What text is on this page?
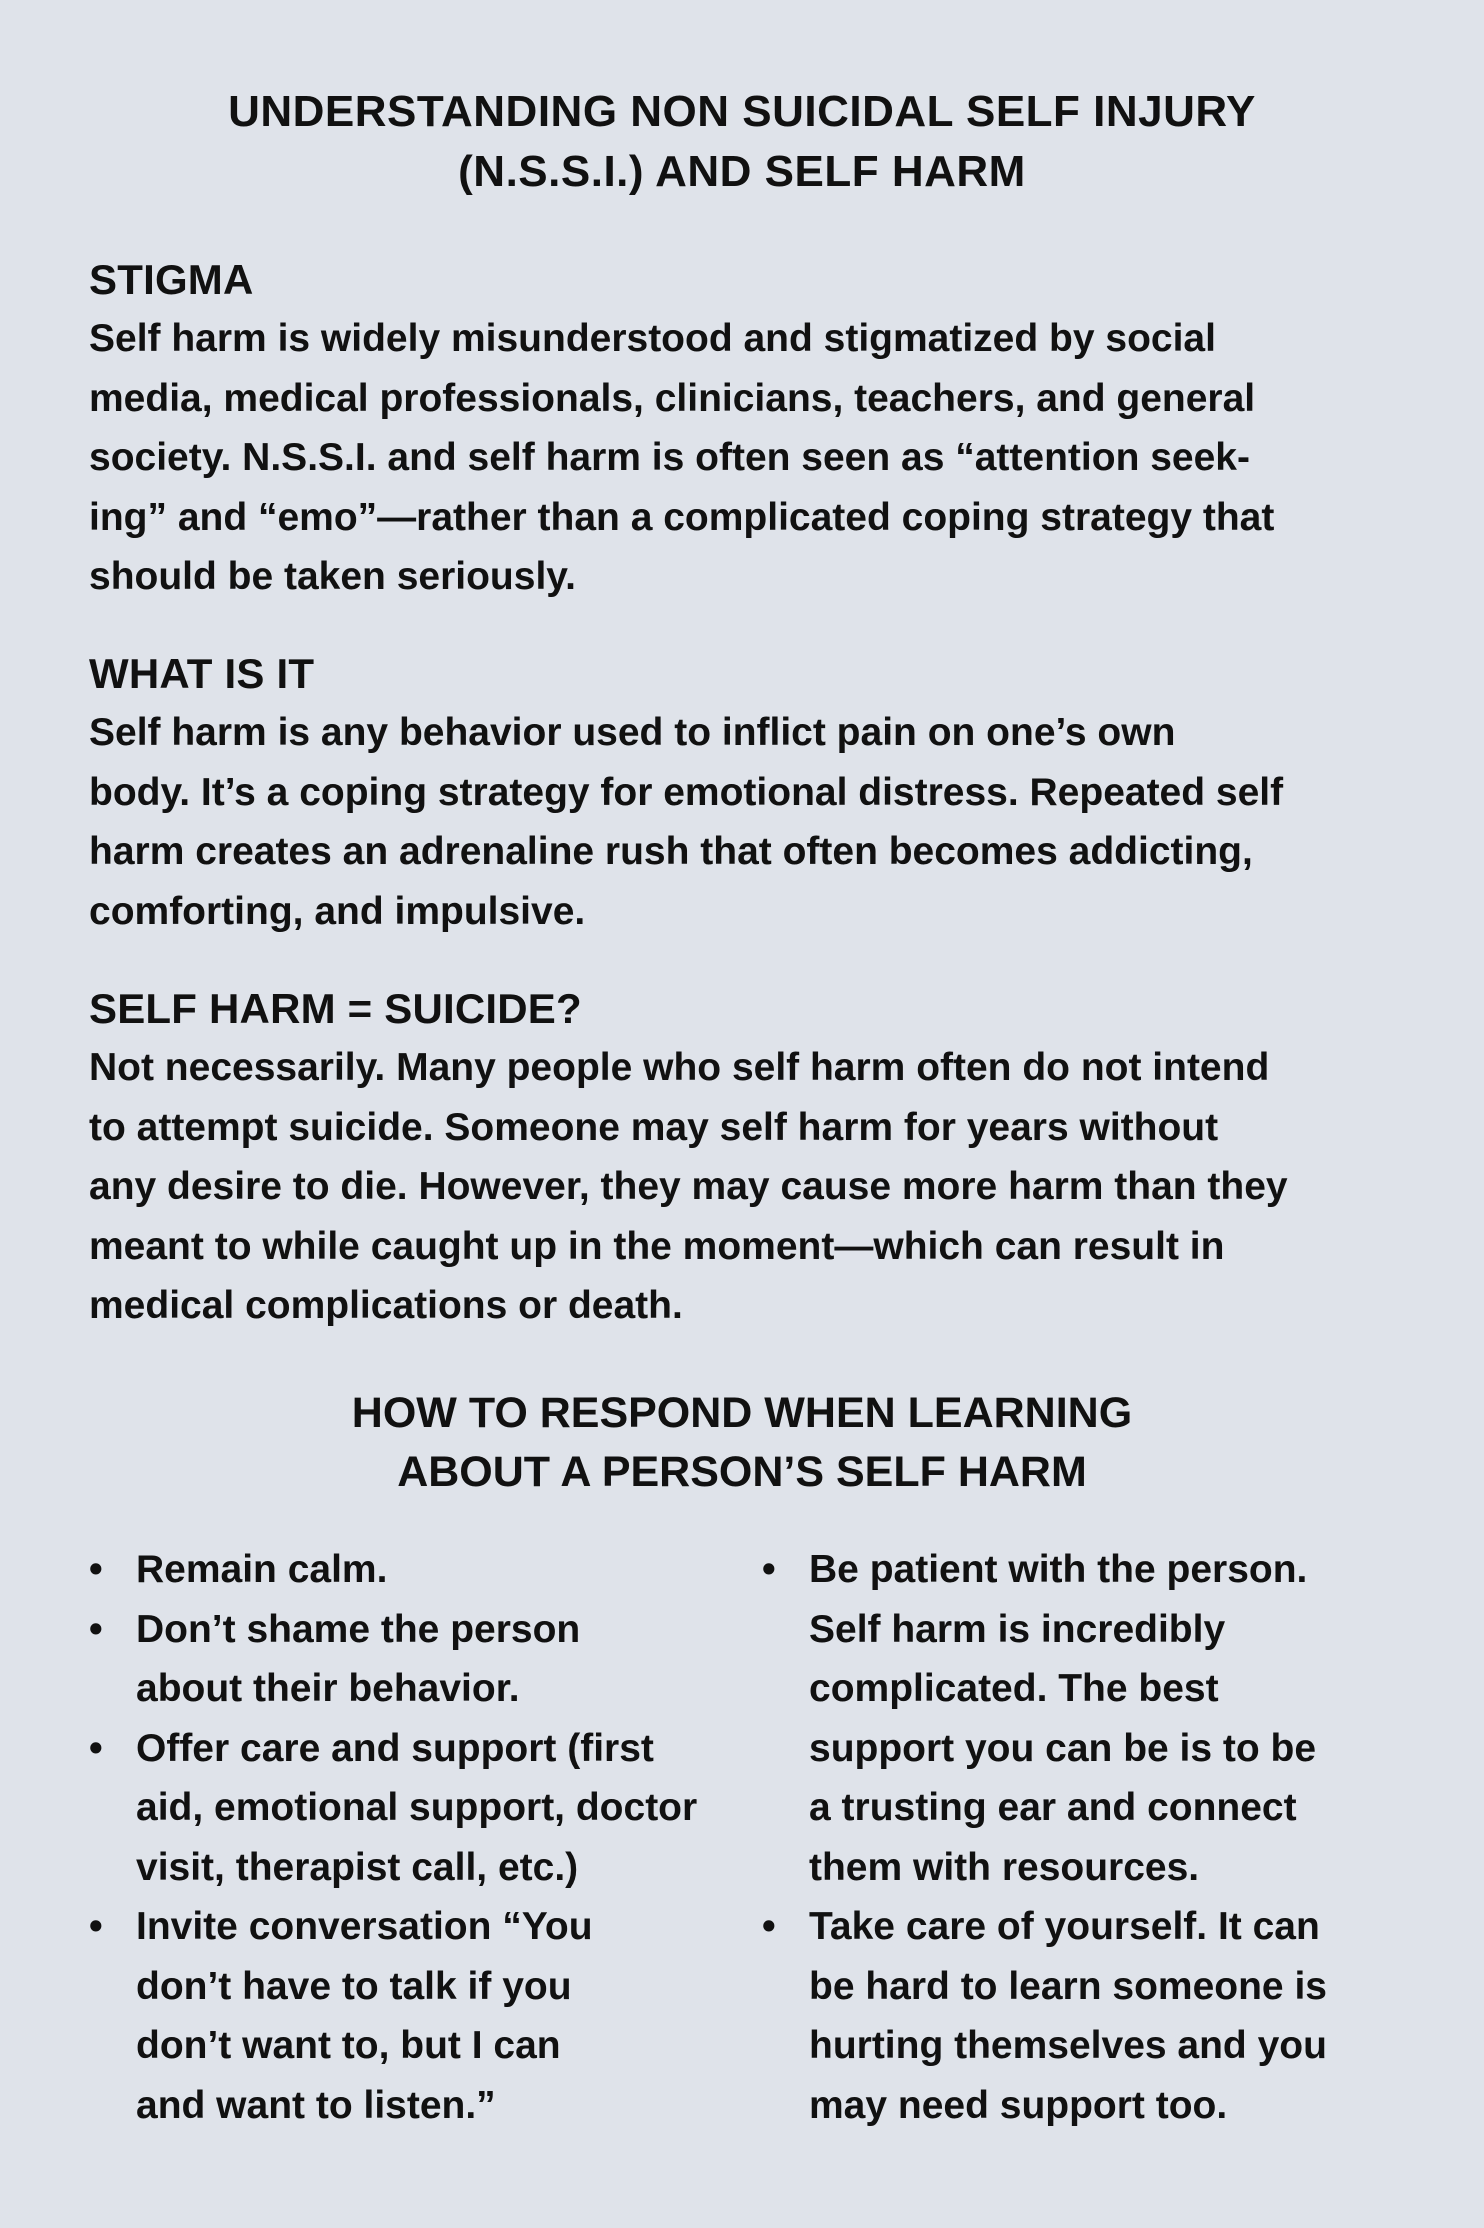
UNDERSTANDING NON SUICIDAL SELF INJURY
(N.S.S.I.) AND SELF HARM
STIGMA

Self harm is widely misunderstood and stigmatized by social
media, medical professionals, clinicians, teachers, and general
society. N.S.S.I. and self harm is often seen as “attention seek-
ing” and “emo”—rather than a complicated coping strategy that
should be taken seriously.

WHAT IS IT

Self harm is any behavior used to inflict pain on one’s own
body. It’s a coping strategy for emotional distress. Repeated self
harm creates an adrenaline rush that often becomes addicting,
comforting, and impulsive.

SELF HARM = SUICIDE?

Not necessarily. Many people who self harm often do not intend
to attempt suicide. Someone may self harm for years without
any desire to die. However, they may cause more harm than they
meant to while caught up in the moment—which can result in
medical complications or death.

HOW TO RESPOND WHEN LEARNING
ABOUT A PERSON’S SELF HARM
• Remain calm.
• Don’t shame the person
about their behavior.
• Offer care and support (first
aid, emotional support, doctor
visit, therapist call, etc.)
• Invite conversation “You
don’t have to talk if you
don’t want to, but I can
and want to listen.”
• Be patient with the person.
Self harm is incredibly
complicated. The best
support you can be is to be
a trusting ear and connect
them with resources.
• Take care of yourself. It can
be hard to learn someone is
hurting themselves and you
may need support too.
